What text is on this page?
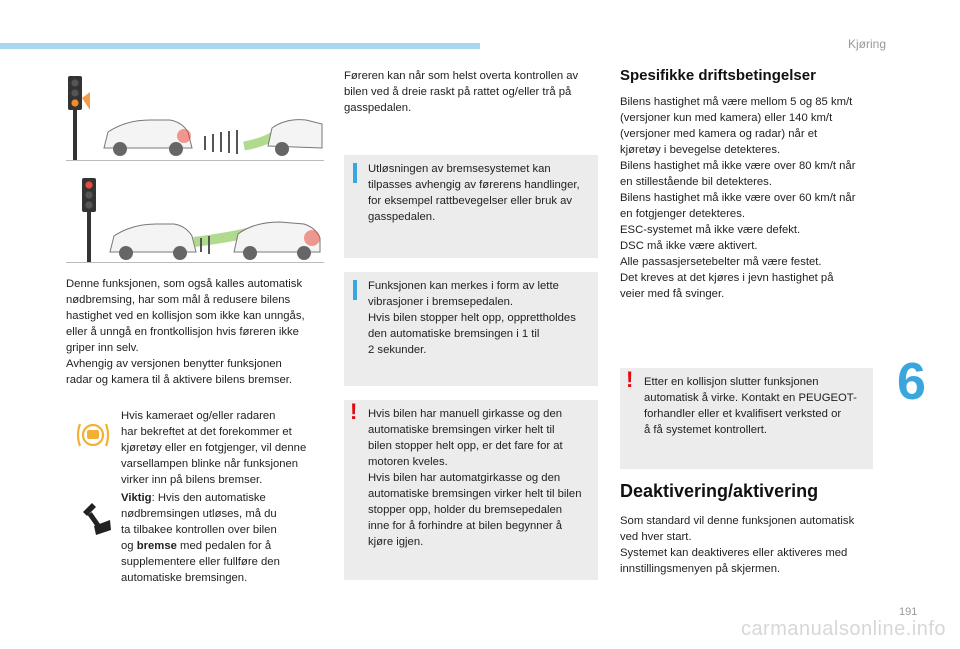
Kjøring
6
191
Denne funksjonen, som også kalles automatisk
nødbremsing, har som mål å redusere bilens
hastighet ved en kollisjon som ikke kan unngås,
eller å unngå en frontkollisjon hvis føreren ikke
griper inn selv.
Avhengig av versjonen benytter funksjonen
radar og kamera til å aktivere bilens bremser.
Hvis kameraet og/eller radaren
har bekreftet at det forekommer et
kjøretøy eller en fotgjenger, vil denne
varsellampen blinke når funksjonen
virker inn på bilens bremser.
Viktig: Hvis den automatiske
nødbremsingen utløses, må du
ta tilbakee kontrollen over bilen
og bremse med pedalen for å
supplementere eller fullføre den
automatiske bremsingen.
Føreren kan når som helst overta kontrollen av
bilen ved å dreie raskt på rattet og/eller trå på
gasspedalen.
Utløsningen av bremsesystemet kan
tilpasses avhengig av førerens handlinger,
for eksempel rattbevegelser eller bruk av
gasspedalen.
Funksjonen kan merkes i form av lette
vibrasjoner i bremsepedalen.
Hvis bilen stopper helt opp, opprettholdes
den automatiske bremsingen i 1 til
2 sekunder.
! Hvis bilen har manuell girkasse og den
automatiske bremsingen virker helt til
bilen stopper helt opp, er det fare for at
motoren kveles.
Hvis bilen har automatgirkasse og den
automatiske bremsingen virker helt til bilen
stopper opp, holder du bremsepedalen
inne for å forhindre at bilen begynner å
kjøre igjen.
Spesifikke driftsbetingelser
Bilens hastighet må være mellom 5 og 85 km/t
(versjoner kun med kamera) eller 140 km/t
(versjoner med kamera og radar) når et
kjøretøy i bevegelse detekteres.
Bilens hastighet må ikke være over 80 km/t når
en stillestående bil detekteres.
Bilens hastighet må ikke være over 60 km/t når
en fotgjenger detekteres.
ESC-systemet må ikke være defekt.
DSC må ikke være aktivert.
Alle passasjersetebelter må være festet.
Det kreves at det kjøres i jevn hastighet på
veier med få svinger.
! Etter en kollisjon slutter funksjonen
automatisk å virke. Kontakt en PEUGEOT-
forhandler eller et kvalifisert verksted or
å få systemet kontrollert.
Deaktivering/aktivering
Som standard vil denne funksjonen automatisk
ved hver start.
Systemet kan deaktiveres eller aktiveres med
innstillingsmenyen på skjermen.
carmanualsonline.info
